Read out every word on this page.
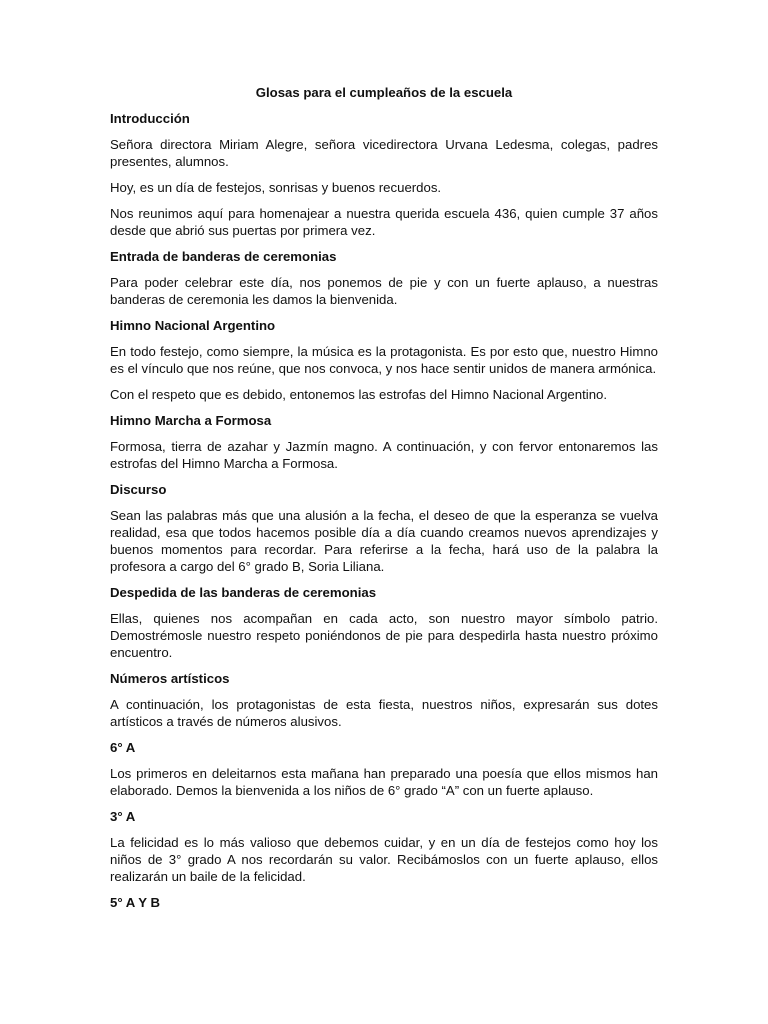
Glosas para el cumpleaños de la escuela
Introducción

Señora directora Miriam Alegre, señora vicedirectora Urvana Ledesma, colegas, padres presentes, alumnos.

Hoy, es un día de festejos, sonrisas y buenos recuerdos.

Nos reunimos aquí para homenajear a nuestra querida escuela 436, quien cumple 37 años desde que abrió sus puertas por primera vez.

Entrada de banderas de ceremonias

Para poder celebrar este día, nos ponemos de pie y con un fuerte aplauso, a nuestras banderas de ceremonia les damos la bienvenida.

Himno Nacional Argentino

En todo festejo, como siempre, la música es la protagonista. Es por esto que, nuestro Himno es el vínculo que nos reúne, que nos convoca, y nos hace sentir unidos de manera armónica.

Con el respeto que es debido, entonemos las estrofas del Himno Nacional Argentino.

Himno Marcha a Formosa

Formosa, tierra de azahar y Jazmín magno. A continuación, y con fervor entonaremos las estrofas del Himno Marcha a Formosa.

Discurso

Sean las palabras más que una alusión a la fecha, el deseo de que la esperanza se vuelva realidad, esa que todos hacemos posible día a día cuando creamos nuevos aprendizajes y buenos momentos para recordar. Para referirse a la fecha, hará uso de la palabra la profesora a cargo del 6° grado B, Soria Liliana.

Despedida de las banderas de ceremonias

Ellas, quienes nos acompañan en cada acto, son nuestro mayor símbolo patrio. Demostrémosle nuestro respeto poniéndonos de pie para despedirla hasta nuestro próximo encuentro.

Números artísticos

A continuación, los protagonistas de esta fiesta, nuestros niños, expresarán sus dotes artísticos a través de números alusivos.

6° A

Los primeros en deleitarnos esta mañana han preparado una poesía que ellos mismos han elaborado. Demos la bienvenida a los niños de 6° grado “A” con un fuerte aplauso.

3° A

La felicidad es lo más valioso que debemos cuidar, y en un día de festejos como hoy los niños de 3° grado A nos recordarán su valor. Recibámoslos con un fuerte aplauso, ellos realizarán un baile de la felicidad.

5° A Y B
